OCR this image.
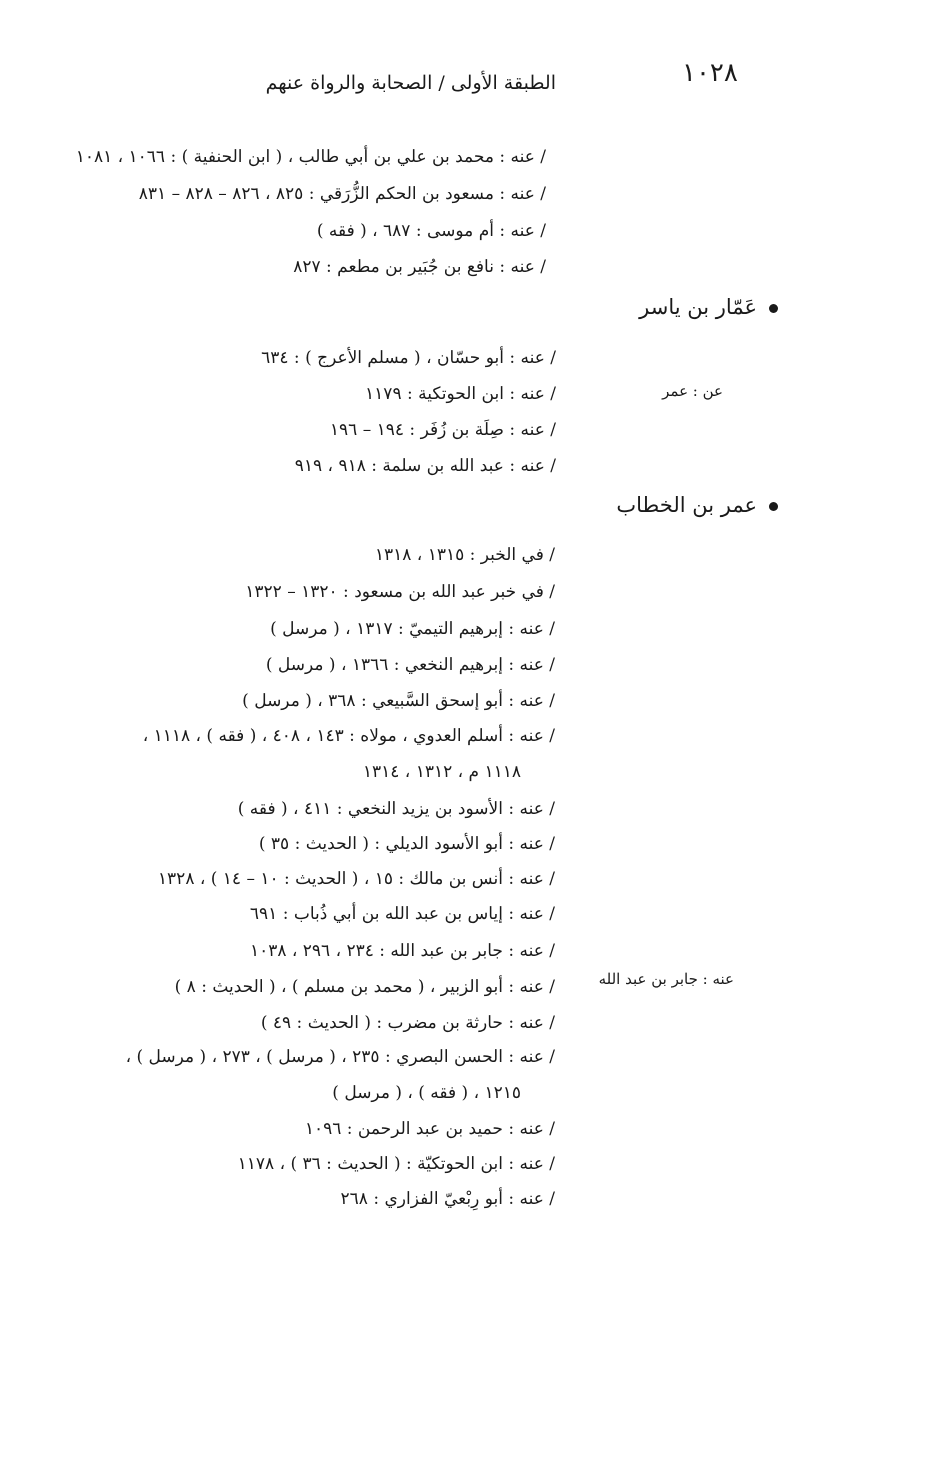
١٠٢٨
الطبقة الأولى / الصحابة والرواة عنهم
/ عنه : محمد بن علي بن أبي طالب ، ( ابن الحنفية ) : ١٠٦٦ ، ١٠٨١
/ عنه : مسعود بن الحكم الزُّرَقي : ٨٢٥ ، ٨٢٦ – ٨٢٨ – ٨٣١
/ عنه : أم موسى : ٦٨٧ ، ( فقه )
/ عنه : نافع بن جُبَير بن مطعم : ٨٢٧
عَمّار بن ياسر
/ عنه : أبو حسّان ، ( مسلم الأعرج ) : ٦٣٤
عن : عمر
/ عنه : ابن الحوتكية : ١١٧٩
/ عنه : صِلَة بن زُفَر : ١٩٤ – ١٩٦
/ عنه : عبد الله بن سلمة : ٩١٨ ، ٩١٩
عمر بن الخطاب
/ في الخبر : ١٣١٥ ، ١٣١٨
/ في خبر عبد الله بن مسعود : ١٣٢٠ – ١٣٢٢
/ عنه : إبرهيم التيميّ : ١٣١٧ ، ( مرسل )
/ عنه : إبرهيم النخعي : ١٣٦٦ ، ( مرسل )
/ عنه : أبو إسحق السَّبيعي : ٣٦٨ ، ( مرسل )
/ عنه : أسلم العدوي ، مولاه : ١٤٣ ، ٤٠٨ ، ( فقه ) ، ١١١٨ ،
١١١٨ م ، ١٣١٢ ، ١٣١٤
/ عنه : الأسود بن يزيد النخعي : ٤١١ ، ( فقه )
/ عنه : أبو الأسود الديلي : ( الحديث : ٣٥ )
/ عنه : أنس بن مالك : ١٥ ، ( الحديث : ١٠ – ١٤ ) ، ١٣٢٨
/ عنه : إياس بن عبد الله بن أبي ذُباب : ٦٩١
/ عنه : جابر بن عبد الله : ٢٣٤ ، ٢٩٦ ، ١٠٣٨
عنه : جابر بن عبد الله
/ عنه : أبو الزبير ، ( محمد بن مسلم ) ، ( الحديث : ٨ )
/ عنه : حارثة بن مضرب : ( الحديث : ٤٩ )
/ عنه : الحسن البصري : ٢٣٥ ، ( مرسل ) ، ٢٧٣ ، ( مرسل ) ،
١٢١٥ ، ( فقه ) ، ( مرسل )
/ عنه : حميد بن عبد الرحمن : ١٠٩٦
/ عنه : ابن الحوتكيّة : ( الحديث : ٣٦ ) ، ١١٧٨
/ عنه : أبو رِبْعيّ الفزاري : ٢٦٨
